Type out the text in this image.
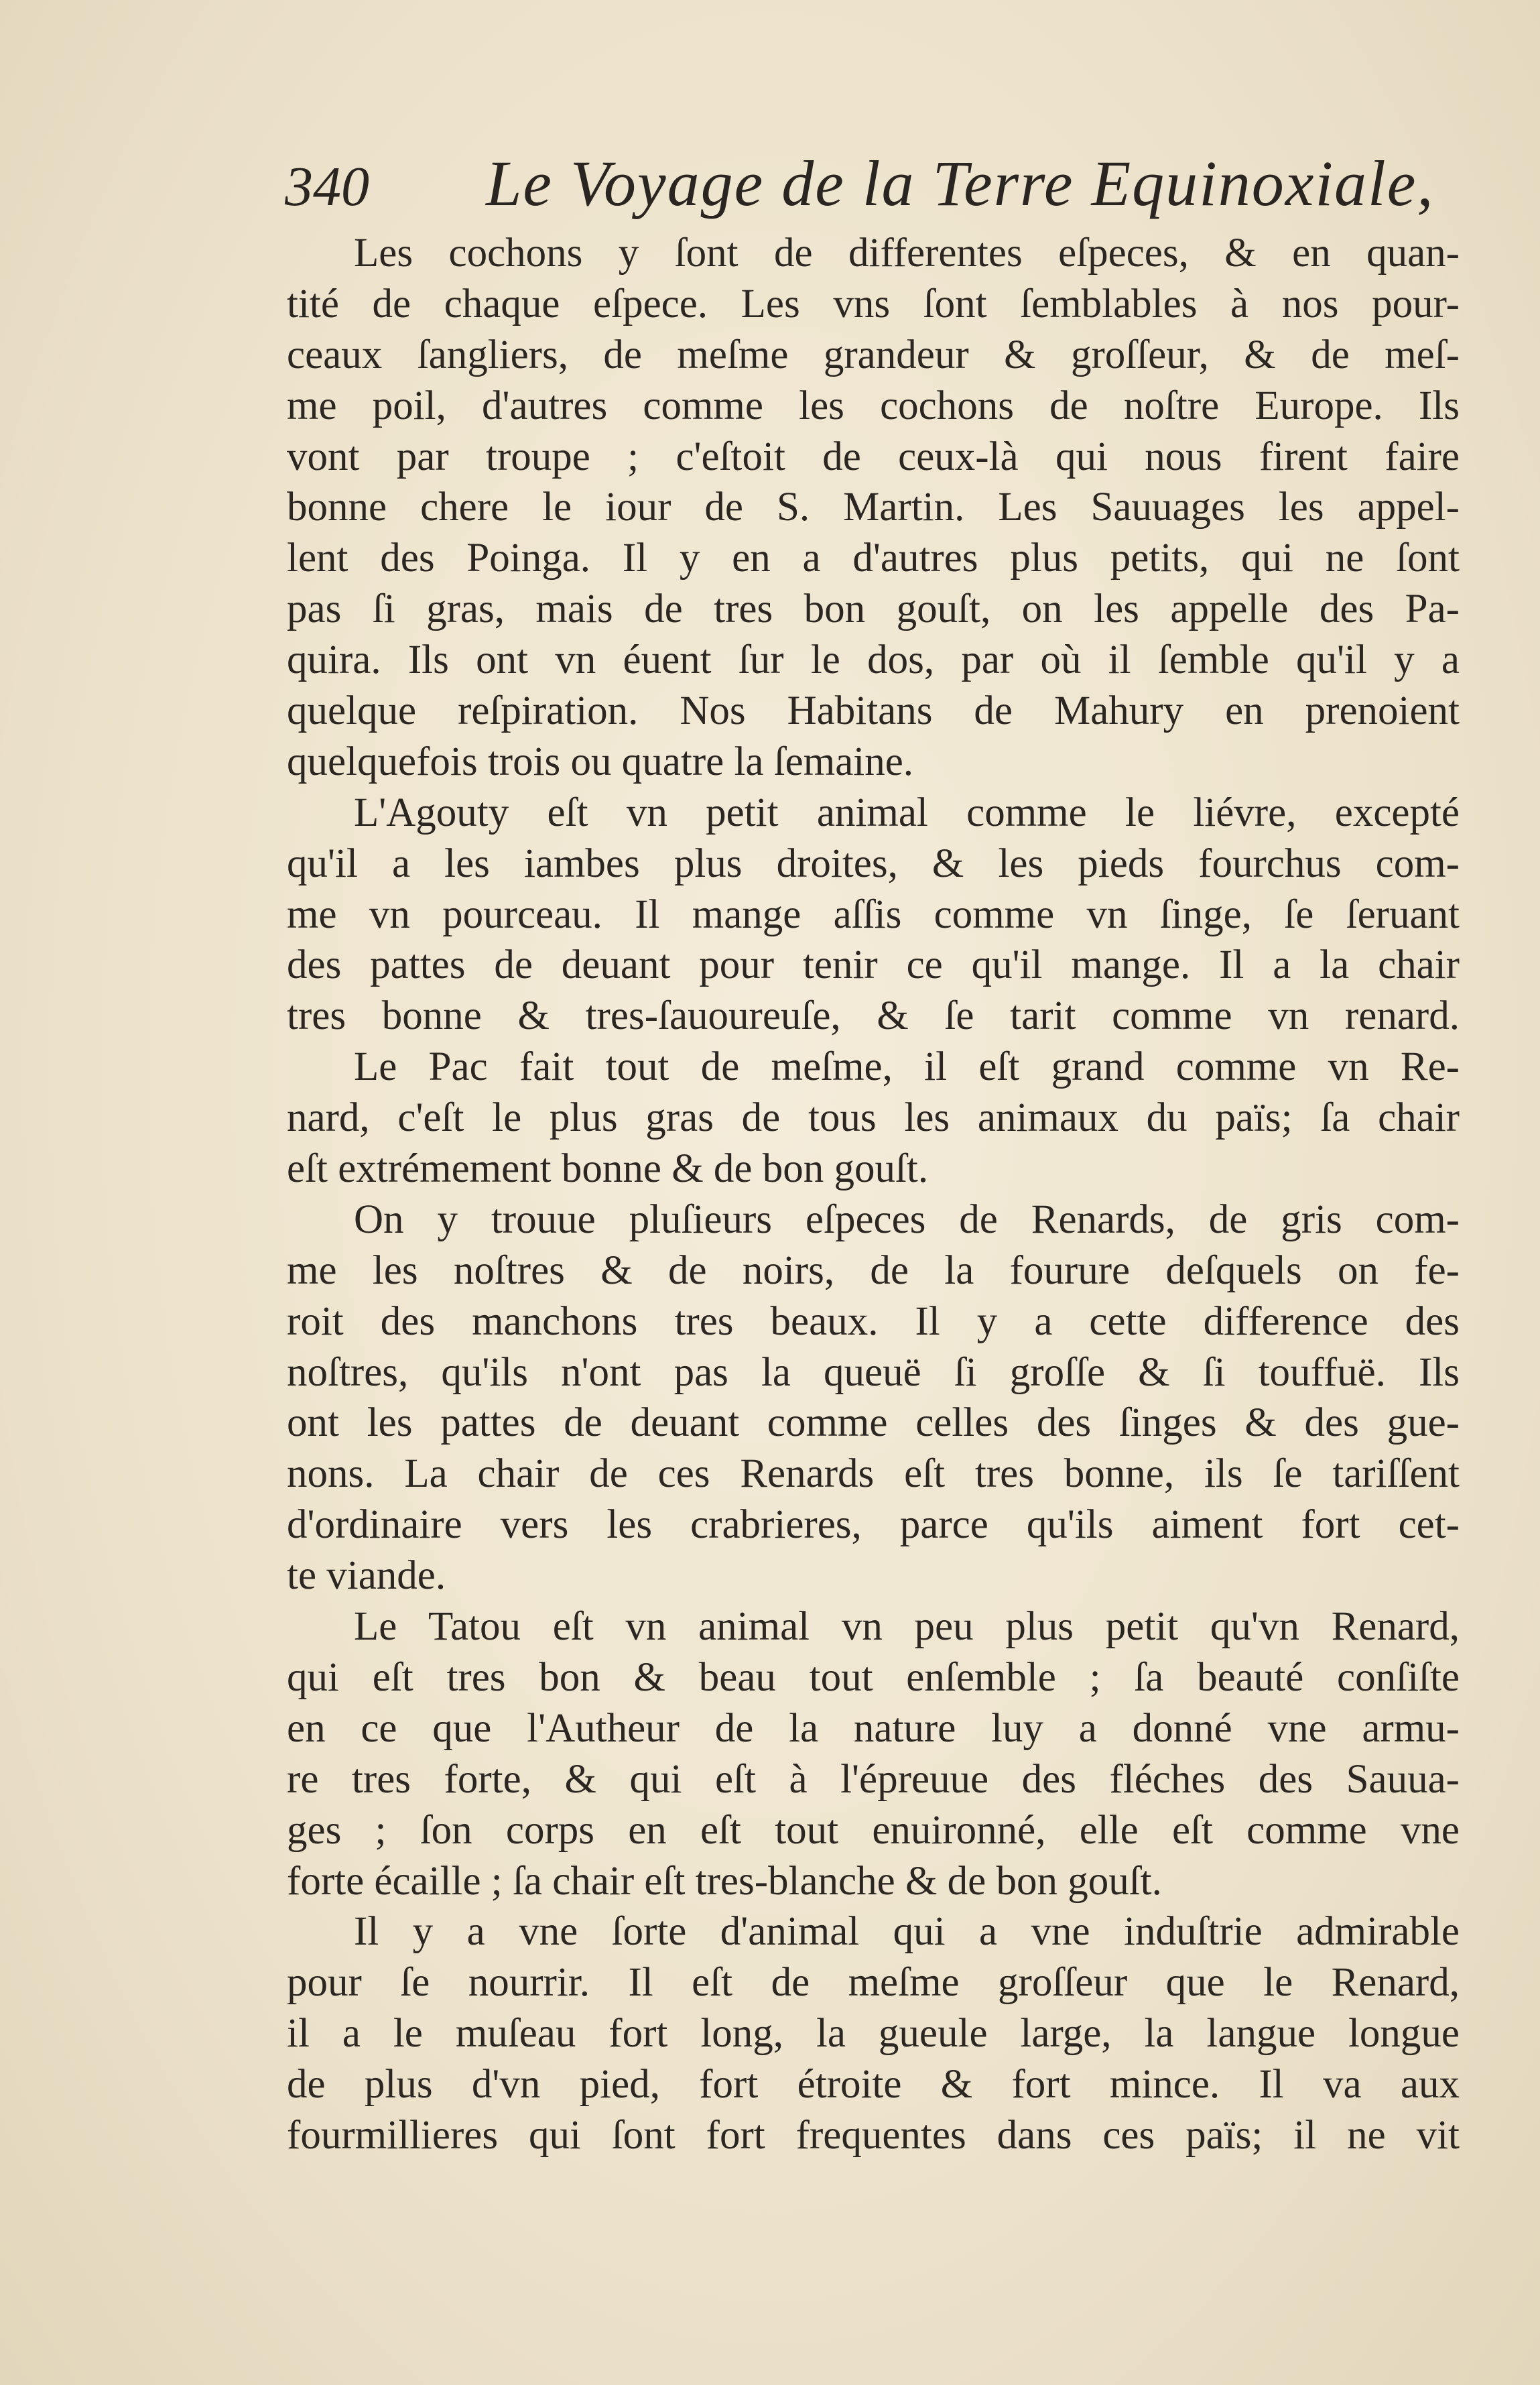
340 Le Voyage de la Terre Equinoxiale,
Les cochons y ſont de differentes eſpeces, & en quan-
tité de chaque eſpece. Les vns ſont ſemblables à nos pour-
ceaux ſangliers, de meſme grandeur & groſſeur, & de meſ-
me poil, d'autres comme les cochons de noſtre Europe. Ils
vont par troupe ; c'eſtoit de ceux-là qui nous firent faire
bonne chere le iour de S. Martin. Les Sauuages les appel-
lent des Poinga. Il y en a d'autres plus petits, qui ne ſont
pas ſi gras, mais de tres bon gouſt, on les appelle des Pa-
quira. Ils ont vn éuent ſur le dos, par où il ſemble qu'il y a
quelque reſpiration. Nos Habitans de Mahury en prenoient
quelquefois trois ou quatre la ſemaine.
L'Agouty eſt vn petit animal comme le liévre, excepté
qu'il a les iambes plus droites, & les pieds fourchus com-
me vn pourceau. Il mange aſſis comme vn ſinge, ſe ſeruant
des pattes de deuant pour tenir ce qu'il mange. Il a la chair
tres bonne & tres-ſauoureuſe, & ſe tarit comme vn renard.
Le Pac fait tout de meſme, il eſt grand comme vn Re-
nard, c'eſt le plus gras de tous les animaux du païs; ſa chair
eſt extrémement bonne & de bon gouſt.
On y trouue pluſieurs eſpeces de Renards, de gris com-
me les noſtres & de noirs, de la fourure deſquels on fe-
roit des manchons tres beaux. Il y a cette difference des
noſtres, qu'ils n'ont pas la queuë ſi groſſe & ſi touffuë. Ils
ont les pattes de deuant comme celles des ſinges & des gue-
nons. La chair de ces Renards eſt tres bonne, ils ſe tariſſent
d'ordinaire vers les crabrieres, parce qu'ils aiment fort cet-
te viande.
Le Tatou eſt vn animal vn peu plus petit qu'vn Renard,
qui eſt tres bon & beau tout enſemble ; ſa beauté conſiſte
en ce que l'Autheur de la nature luy a donné vne armu-
re tres forte, & qui eſt à l'épreuue des fléches des Sauua-
ges ; ſon corps en eſt tout enuironné, elle eſt comme vne
forte écaille ; ſa chair eſt tres-blanche & de bon gouſt.
Il y a vne ſorte d'animal qui a vne induſtrie admirable
pour ſe nourrir. Il eſt de meſme groſſeur que le Renard,
il a le muſeau fort long, la gueule large, la langue longue
de plus d'vn pied, fort étroite & fort mince. Il va aux
fourmillieres qui ſont fort frequentes dans ces païs; il ne vit
